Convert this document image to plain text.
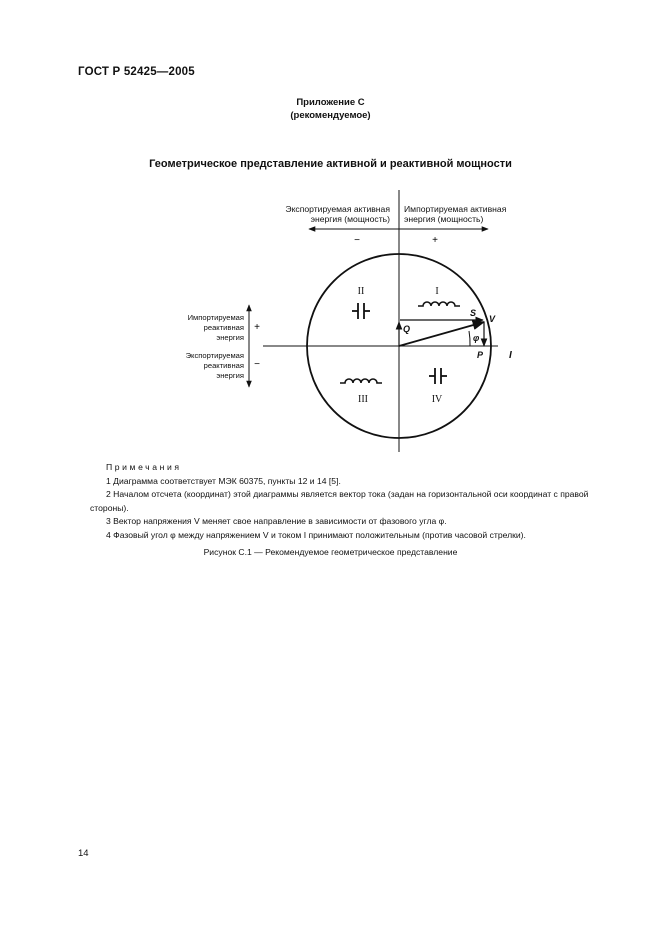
ГОСТ Р 52425—2005
Приложение С
(рекомендуемое)
Геометрическое представление активной и реактивной мощности
Экспортируемая активная
энергия (мощность)
Импортируемая активная
энергия (мощность)
−	+
Импортируемая
реактивная
энергия
Экспортируемая
реактивная
энергия
+
−
I
II
III	IV
Q
S
V
P
φ
I
Примечания
1 Диаграмма соответствует МЭК 60375, пункты 12 и 14 [5].
2 Началом отсчета (координат) этой диаграммы является вектор тока (задан на горизонтальной оси координат с правой стороны).
3 Вектор напряжения V меняет свое направление в зависимости от фазового угла φ.
4 Фазовый угол φ между напряжением V и током I принимают положительным (против часовой стрелки).
Рисунок С.1 — Рекомендуемое геометрическое представление
14
